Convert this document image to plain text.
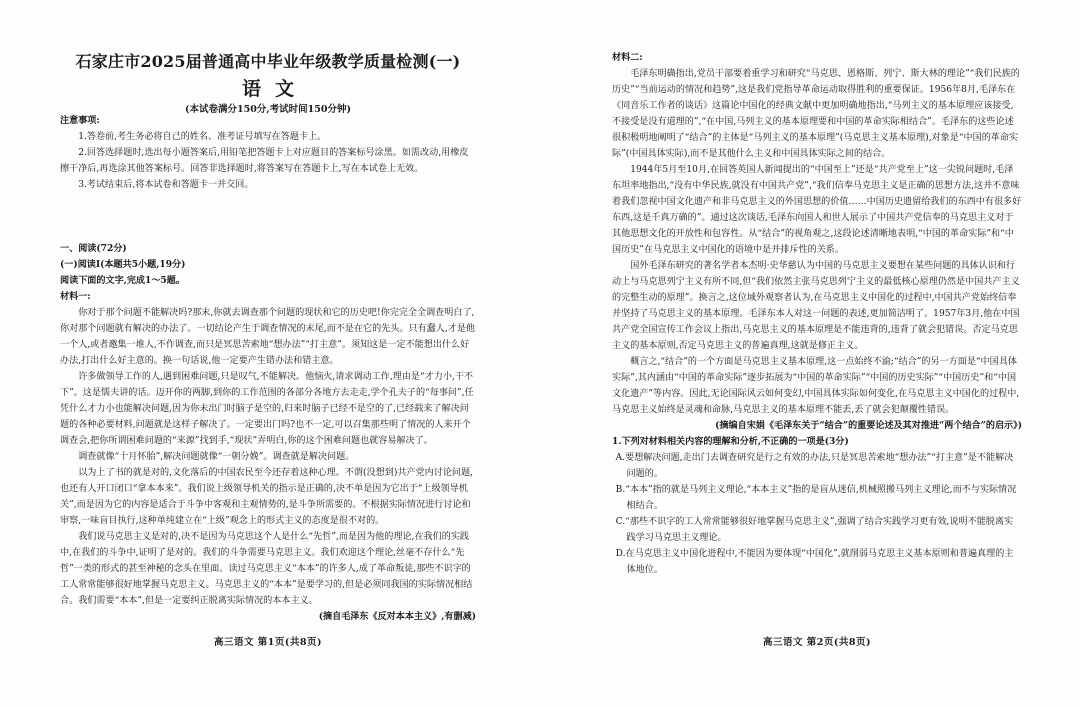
石家庄市2025届普通高中毕业年级教学质量检测(一)
语文
(本试卷满分150分,考试时间150分钟)

注意事项:

1.答卷前,考生务必将自己的姓名、准考证号填写在答题卡上。

2.回答选择题时,选出每小题答案后,用铅笔把答题卡上对应题目的答案标号涂黑。如需改动,用橡皮擦干净后,再选涂其他答案标号。回答非选择题时,将答案写在答题卡上,写在本试卷上无效。

3.考试结束后,将本试卷和答题卡一并交回。

一、阅读(72分)

(一)阅读Ⅰ(本题共5小题,19分)

阅读下面的文字,完成1～5题。

材料一:

你对于那个问题不能解决吗?那末,你就去调查那个问题的现状和它的历史吧!你完完全全调查明白了,你对那个问题就有解决的办法了。一切结论产生于调查情况的末尾,而不是在它的先头。只有蠢人,才是他一个人,或者邀集一堆人,不作调查,而只是冥思苦索地“想办法”“打主意”。须知这是一定不能想出什么好办法,打出什么好主意的。换一句话说,他一定要产生错办法和错主意。

许多做领导工作的人,遇到困难问题,只是叹气,不能解决。他恼火,请求调动工作,理由是“才力小,干不下”。这是懦夫讲的话。迈开你的两脚,到你的工作范围的各部分各地方去走走,学个孔夫子的“每事问”,任凭什么才力小也能解决问题,因为你未出门时脑子是空的,归来时脑子已经不是空的了,已经载来了解决问题的各种必要材料,问题就是这样子解决了。一定要出门吗?也不一定,可以召集那些明了情况的人来开个调查会,把你所谓困难问题的“来源”找到手,“现状”弄明白,你的这个困难问题也就容易解决了。

调查就像“十月怀胎”,解决问题就像“一朝分娩”。调查就是解决问题。

以为上了书的就是对的,文化落后的中国农民至今还存着这种心理。不谓(没想到)共产党内讨论问题,也还有人开口闭口“拿本本来”。我们说上级领导机关的指示是正确的,决不单是因为它出于“上级领导机关”,而是因为它的内容是适合于斗争中客观和主观情势的,是斗争所需要的。不根据实际情况进行讨论和审察,一味盲目执行,这种单纯建立在“上级”观念上的形式主义的态度是很不对的。

我们说马克思主义是对的,决不是因为马克思这个人是什么“先哲”,而是因为他的理论,在我们的实践中,在我们的斗争中,证明了是对的。我们的斗争需要马克思主义。我们欢迎这个理论,丝毫不存什么“先哲”一类的形式的甚至神秘的念头在里面。读过马克思主义“本本”的许多人,成了革命叛徒,那些不识字的工人常常能够很好地掌握马克思主义。马克思主义的“本本”是要学习的,但是必须同我国的实际情况相结合。我们需要“本本”,但是一定要纠正脱离实际情况的本本主义。

(摘自毛泽东《反对本本主义》,有删减)

高三语文 第1页(共8页)

材料二:

毛泽东明确指出,党员干部要着重学习和研究“马克思、恩格斯、列宁、斯大林的理论”“我们民族的历史”“当前运动的情况和趋势”,这是我们党指导革命运动取得胜利的重要保证。1956年8月,毛泽东在《同音乐工作者的谈话》这篇论中国化的经典文献中更加明确地指出,“马列主义的基本原理应该接受,不接受是没有道理的”,“在中国,马列主义的基本原理要和中国的革命实际相结合”。毛泽东的这些论述很积极明地阐明了“结合”的主体是“马列主义的基本原理”(马克思主义基本原理),对象是“中国的革命实际”(中国具体实际),而不是其他什么主义和中国具体实际之间的结合。

1944年5月至10月,在回答英国人新闻提出的“中国至上”还是“共产党至上”这一尖锐问题时,毛泽东坦率地指出,“没有中华民族,就没有中国共产党”,“我们信奉马克思主义是正确的思想方法,这并不意味着我们忽视中国文化遗产和非马克思主义的外国思想的价值……中国历史遗留给我们的东西中有很多好东西,这是千真万确的”。通过这次谈话,毛泽东向国人和世人展示了中国共产党信奉的马克思主义对于其他思想文化的开放性和包容性。从“结合”的视角观之,这段论述清晰地表明,“中国的革命实际”和“中国历史”在马克思主义中国化的语境中是并排斥性的关系。

国外毛泽东研究的著名学者本杰明·史华慈认为中国的马克思主义要想在某些问题的具体认识和行动上与马克思列宁主义有所不同,但“我们依然主张马克思列宁主义的最低核心原理仍然是中国共产主义的完整生动的原理”。换言之,这位域外观察者认为,在马克思主义中国化的过程中,中国共产党始终信奉并坚持了马克思主义的基本原理。毛泽东本人对这一问题的表述,更加简洁明了。1957年3月,他在中国共产党全国宣传工作会议上指出,马克思主义的基本原理是不能违背的,违背了就会犯错误。否定马克思主义的基本原则,否定马克思主义的普遍真理,这就是修正主义。

概言之,“结合”的一个方面是马克思主义基本原理,这一点始终不渝;“结合”的另一方面是“中国具体实际”,其内涵由“中国的革命实际”逐步拓展为“中国的革命实际”“中国的历史实际”“中国历史”和“中国文化遗产”等内容。因此,无论国际风云如何变幻,中国具体实际如何变化,在马克思主义中国化的过程中,马克思主义始终是灵魂和命脉,马克思主义的基本原理不能丢,丢了就会犯颠覆性错误。

(摘编自宋娟《毛泽东关于“结合”的重要论述及其对推进“两个结合”的启示》)

1.下列对材料相关内容的理解和分析,不正确的一项是(3分)

A.要想解决问题,走出门去调查研究是行之有效的办法,只是冥思苦索地“想办法”“打主意”是不能解决问题的。

B.“本本”指的就是马列主义理论,“本本主义”指的是盲从迷信,机械照搬马列主义理论,而不与实际情况相结合。

C.“那些不识字的工人常常能够很好地掌握马克思主义”,强调了结合实践学习更有效,说明不能脱离实践学习马克思主义理论。

D.在马克思主义中国化进程中,不能因为要体现“中国化”,就削弱马克思主义基本原则和普遍真理的主体地位。

高三语文 第2页(共8页)
